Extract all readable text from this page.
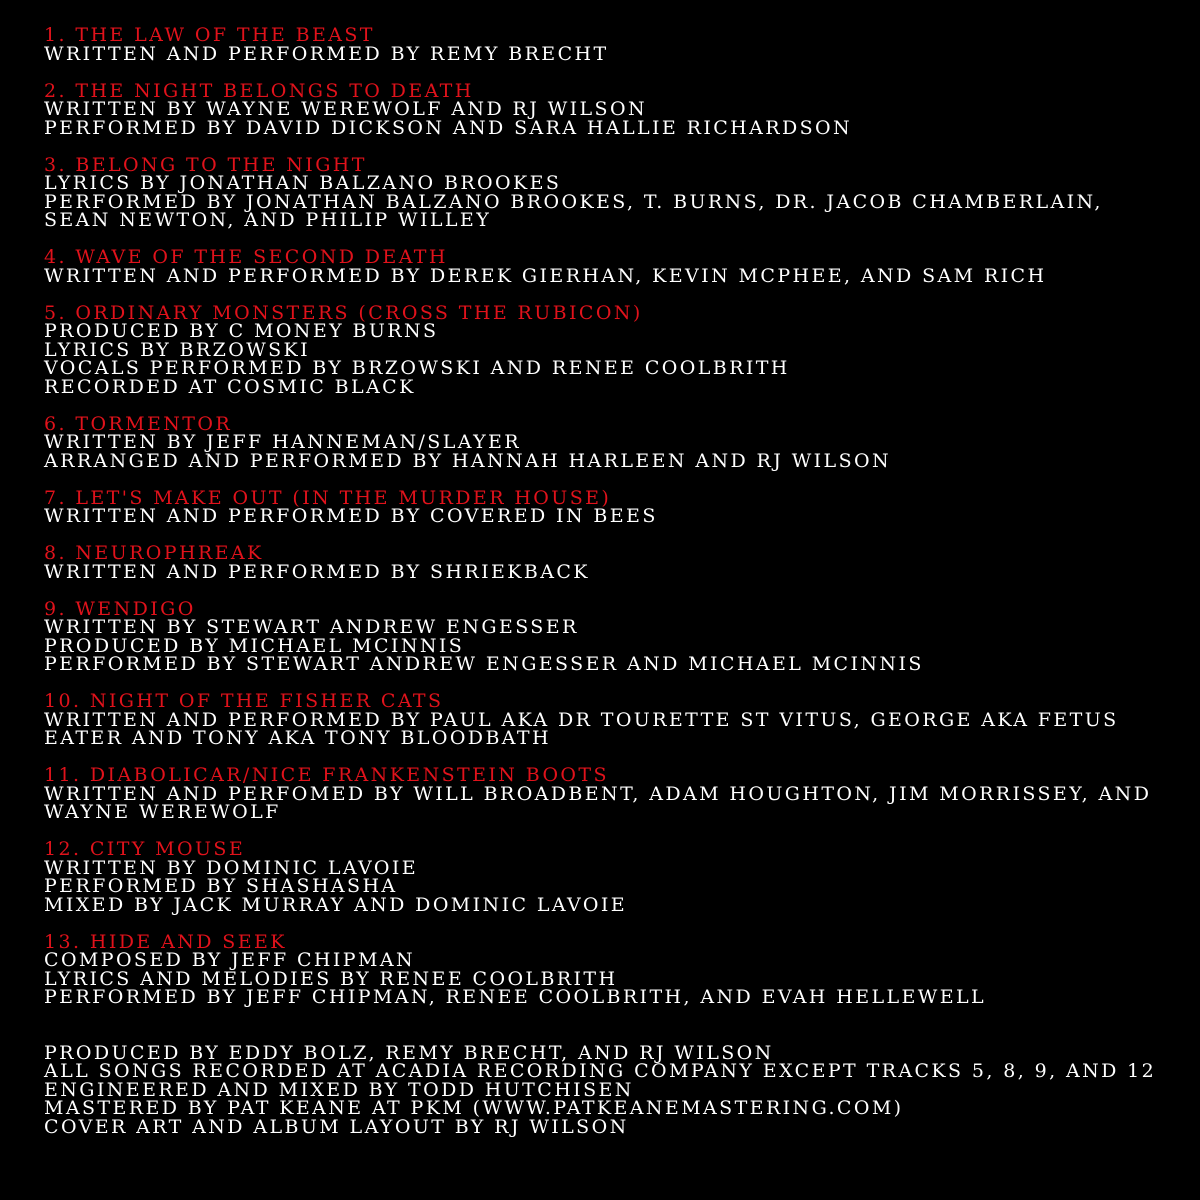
1. THE LAW OF THE BEAST
WRITTEN AND PERFORMED BY REMY BRECHT
2. THE NIGHT BELONGS TO DEATH
WRITTEN BY WAYNE WEREWOLF AND RJ WILSON
PERFORMED BY DAVID DICKSON AND SARA HALLIE RICHARDSON
3. BELONG TO THE NIGHT
LYRICS BY JONATHAN BALZANO BROOKES
PERFORMED BY JONATHAN BALZANO BROOKES, T. BURNS, DR. JACOB CHAMBERLAIN,
SEAN NEWTON, AND PHILIP WILLEY
4. WAVE OF THE SECOND DEATH
WRITTEN AND PERFORMED BY DEREK GIERHAN, KEVIN MCPHEE, AND SAM RICH
5. ORDINARY MONSTERS (CROSS THE RUBICON)
PRODUCED BY C MONEY BURNS
LYRICS BY BRZOWSKI
VOCALS PERFORMED BY BRZOWSKI AND RENEE COOLBRITH
RECORDED AT COSMIC BLACK
6. TORMENTOR
WRITTEN BY JEFF HANNEMAN/SLAYER
ARRANGED AND PERFORMED BY HANNAH HARLEEN AND RJ WILSON
7. LET'S MAKE OUT (IN THE MURDER HOUSE)
WRITTEN AND PERFORMED BY COVERED IN BEES
8. NEUROPHREAK
WRITTEN AND PERFORMED BY SHRIEKBACK
9. WENDIGO
WRITTEN BY STEWART ANDREW ENGESSER
PRODUCED BY MICHAEL MCINNIS
PERFORMED BY STEWART ANDREW ENGESSER AND MICHAEL MCINNIS
10. NIGHT OF THE FISHER CATS
WRITTEN AND PERFORMED BY PAUL AKA DR TOURETTE ST VITUS, GEORGE AKA FETUS
EATER AND TONY AKA TONY BLOODBATH
11. DIABOLICAR/NICE FRANKENSTEIN BOOTS
WRITTEN AND PERFOMED BY WILL BROADBENT, ADAM HOUGHTON, JIM MORRISSEY, AND
WAYNE WEREWOLF
12. CITY MOUSE
WRITTEN BY DOMINIC LAVOIE
PERFORMED BY SHASHASHA
MIXED BY JACK MURRAY AND DOMINIC LAVOIE
13. HIDE AND SEEK
COMPOSED BY JEFF CHIPMAN
LYRICS AND MELODIES BY RENEE COOLBRITH
PERFORMED BY JEFF CHIPMAN, RENEE COOLBRITH, AND EVAH HELLEWELL
PRODUCED BY EDDY BOLZ, REMY BRECHT, AND RJ WILSON
ALL SONGS RECORDED AT ACADIA RECORDING COMPANY EXCEPT TRACKS 5, 8, 9, AND 12
ENGINEERED AND MIXED BY TODD HUTCHISEN
MASTERED BY PAT KEANE AT PKM (WWW.PATKEANEMASTERING.COM)
COVER ART AND ALBUM LAYOUT BY RJ WILSON
